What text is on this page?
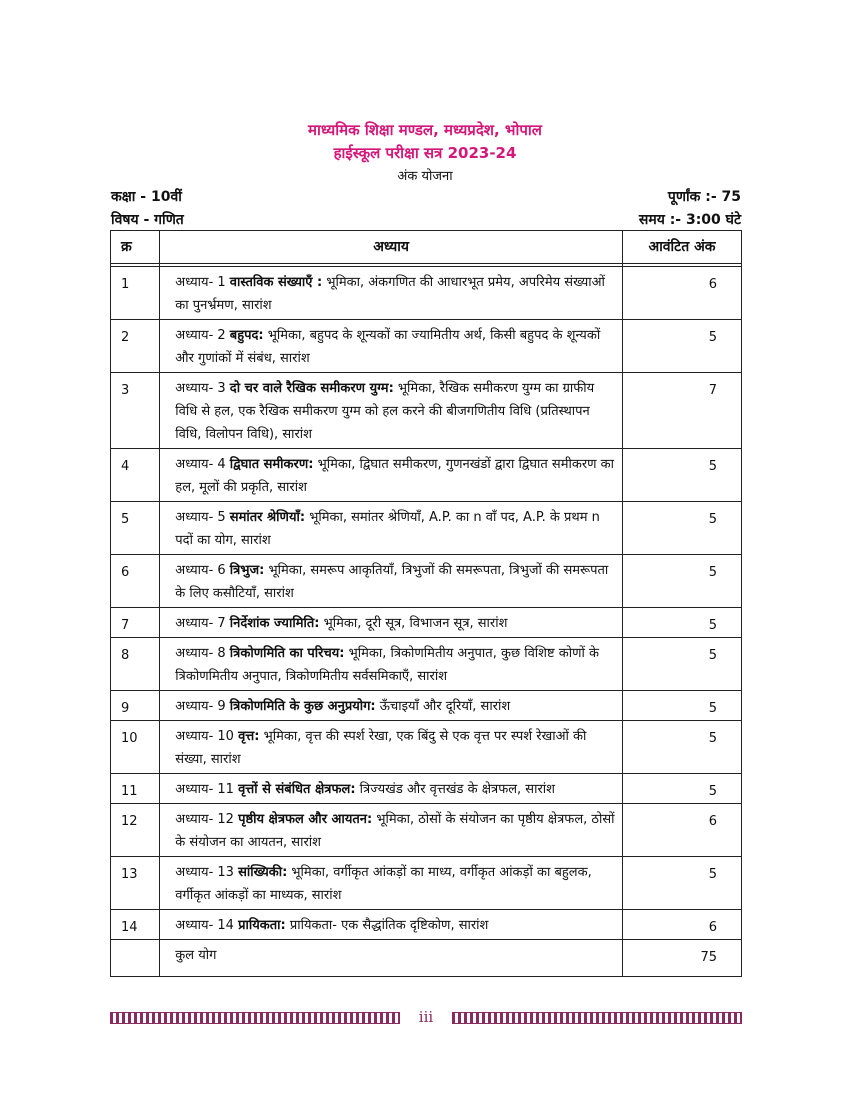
माध्यमिक शिक्षा मण्डल, मध्यप्रदेश, भोपाल
हाईस्कूल परीक्षा सत्र 2023-24
अंक योजना
कक्षा - 10वीं	पूर्णांक :- 75
विषय - गणित	समय :- 3:00 घंटे
क्र	अध्याय	आवंटित अंक

1	अध्याय- 1 वास्तविक संख्याएँ : भूमिका, अंकगणित की आधारभूत प्रमेय, अपरिमेय संख्याओं का पुनर्भ्रमण, सारांश	6
2	अध्याय- 2 बहुपद: भूमिका, बहुपद के शून्यकों का ज्यामितीय अर्थ, किसी बहुपद के शून्यकों और गुणांकों में संबंध, सारांश	5
3	अध्याय- 3 दो चर वाले रैखिक समीकरण युग्म: भूमिका, रैखिक समीकरण युग्म का ग्राफीय विधि से हल, एक रैखिक समीकरण युग्म को हल करने की बीजगणितीय विधि (प्रतिस्थापन विधि, विलोपन विधि), सारांश	7
4	अध्याय- 4 द्विघात समीकरण: भूमिका, द्विघात समीकरण, गुणनखंडों द्वारा द्विघात समीकरण का हल, मूलों की प्रकृति, सारांश	5
5	अध्याय- 5 समांतर श्रेणियाँ: भूमिका, समांतर श्रेणियाँ, A.P. का n वाँ पद, A.P. के प्रथम n पदों का योग, सारांश	5
6	अध्याय- 6 त्रिभुज: भूमिका, समरूप आकृतियाँ, त्रिभुजों की समरूपता, त्रिभुजों की समरूपता के लिए कसौटियाँ, सारांश	5
7	अध्याय- 7 निर्देशांक ज्यामिति: भूमिका, दूरी सूत्र, विभाजन सूत्र, सारांश	5
8	अध्याय- 8 त्रिकोणमिति का परिचय: भूमिका, त्रिकोणमितीय अनुपात, कुछ विशिष्ट कोणों के त्रिकोणमितीय अनुपात, त्रिकोणमितीय सर्वसमिकाएँ, सारांश	5
9	अध्याय- 9 त्रिकोणमिति के कुछ अनुप्रयोग: ऊँचाइयाँ और दूरियाँ, सारांश	5
10	अध्याय- 10 वृत्त: भूमिका, वृत्त की स्पर्श रेखा, एक बिंदु से एक वृत्त पर स्पर्श रेखाओं की संख्या, सारांश	5
11	अध्याय- 11 वृत्तों से संबंधित क्षेत्रफल: त्रिज्यखंड और वृत्तखंड के क्षेत्रफल, सारांश	5
12	अध्याय- 12 पृष्ठीय क्षेत्रफल और आयतन: भूमिका, ठोसों के संयोजन का पृष्ठीय क्षेत्रफल, ठोसों के संयोजन का आयतन, सारांश	6
13	अध्याय- 13 सांख्यिकी: भूमिका, वर्गीकृत आंकड़ों का माध्य, वर्गीकृत आंकड़ों का बहुलक, वर्गीकृत आंकड़ों का माध्यक, सारांश	5
14	अध्याय- 14 प्रायिकता: प्रायिकता- एक सैद्धांतिक दृष्टिकोण, सारांश	6
	कुल योग	75
iii
